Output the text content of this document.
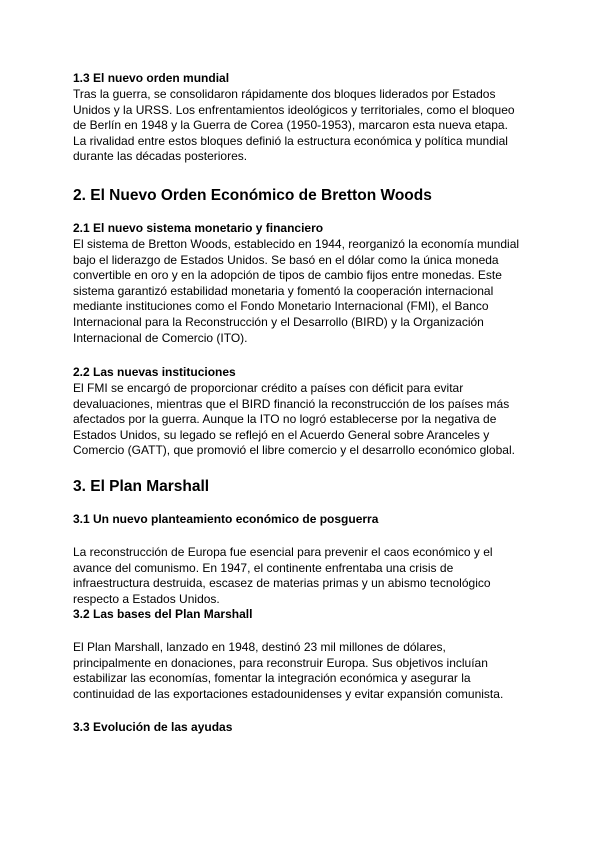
1.3 El nuevo orden mundial

Tras la guerra, se consolidaron rápidamente dos bloques liderados por Estados
Unidos y la URSS. Los enfrentamientos ideológicos y territoriales, como el bloqueo
de Berlín en 1948 y la Guerra de Corea (1950-1953), marcaron esta nueva etapa.
La rivalidad entre estos bloques definió la estructura económica y política mundial
durante las décadas posteriores.

2. El Nuevo Orden Económico de Bretton Woods
2.1 El nuevo sistema monetario y financiero

El sistema de Bretton Woods, establecido en 1944, reorganizó la economía mundial
bajo el liderazgo de Estados Unidos. Se basó en el dólar como la única moneda
convertible en oro y en la adopción de tipos de cambio fijos entre monedas. Este
sistema garantizó estabilidad monetaria y fomentó la cooperación internacional
mediante instituciones como el Fondo Monetario Internacional (FMI), el Banco
Internacional para la Reconstrucción y el Desarrollo (BIRD) y la Organización
Internacional de Comercio (ITO).

2.2 Las nuevas instituciones

El FMI se encargó de proporcionar crédito a países con déficit para evitar
devaluaciones, mientras que el BIRD financió la reconstrucción de los países más
afectados por la guerra. Aunque la ITO no logró establecerse por la negativa de
Estados Unidos, su legado se reflejó en el Acuerdo General sobre Aranceles y
Comercio (GATT), que promovió el libre comercio y el desarrollo económico global.

3. El Plan Marshall
3.1 Un nuevo planteamiento económico de posguerra

La reconstrucción de Europa fue esencial para prevenir el caos económico y el
avance del comunismo. En 1947, el continente enfrentaba una crisis de
infraestructura destruida, escasez de materias primas y un abismo tecnológico
respecto a Estados Unidos.

3.2 Las bases del Plan Marshall

El Plan Marshall, lanzado en 1948, destinó 23 mil millones de dólares,
principalmente en donaciones, para reconstruir Europa. Sus objetivos incluían
estabilizar las economías, fomentar la integración económica y asegurar la
continuidad de las exportaciones estadounidenses y evitar expansión comunista.

3.3 Evolución de las ayudas
